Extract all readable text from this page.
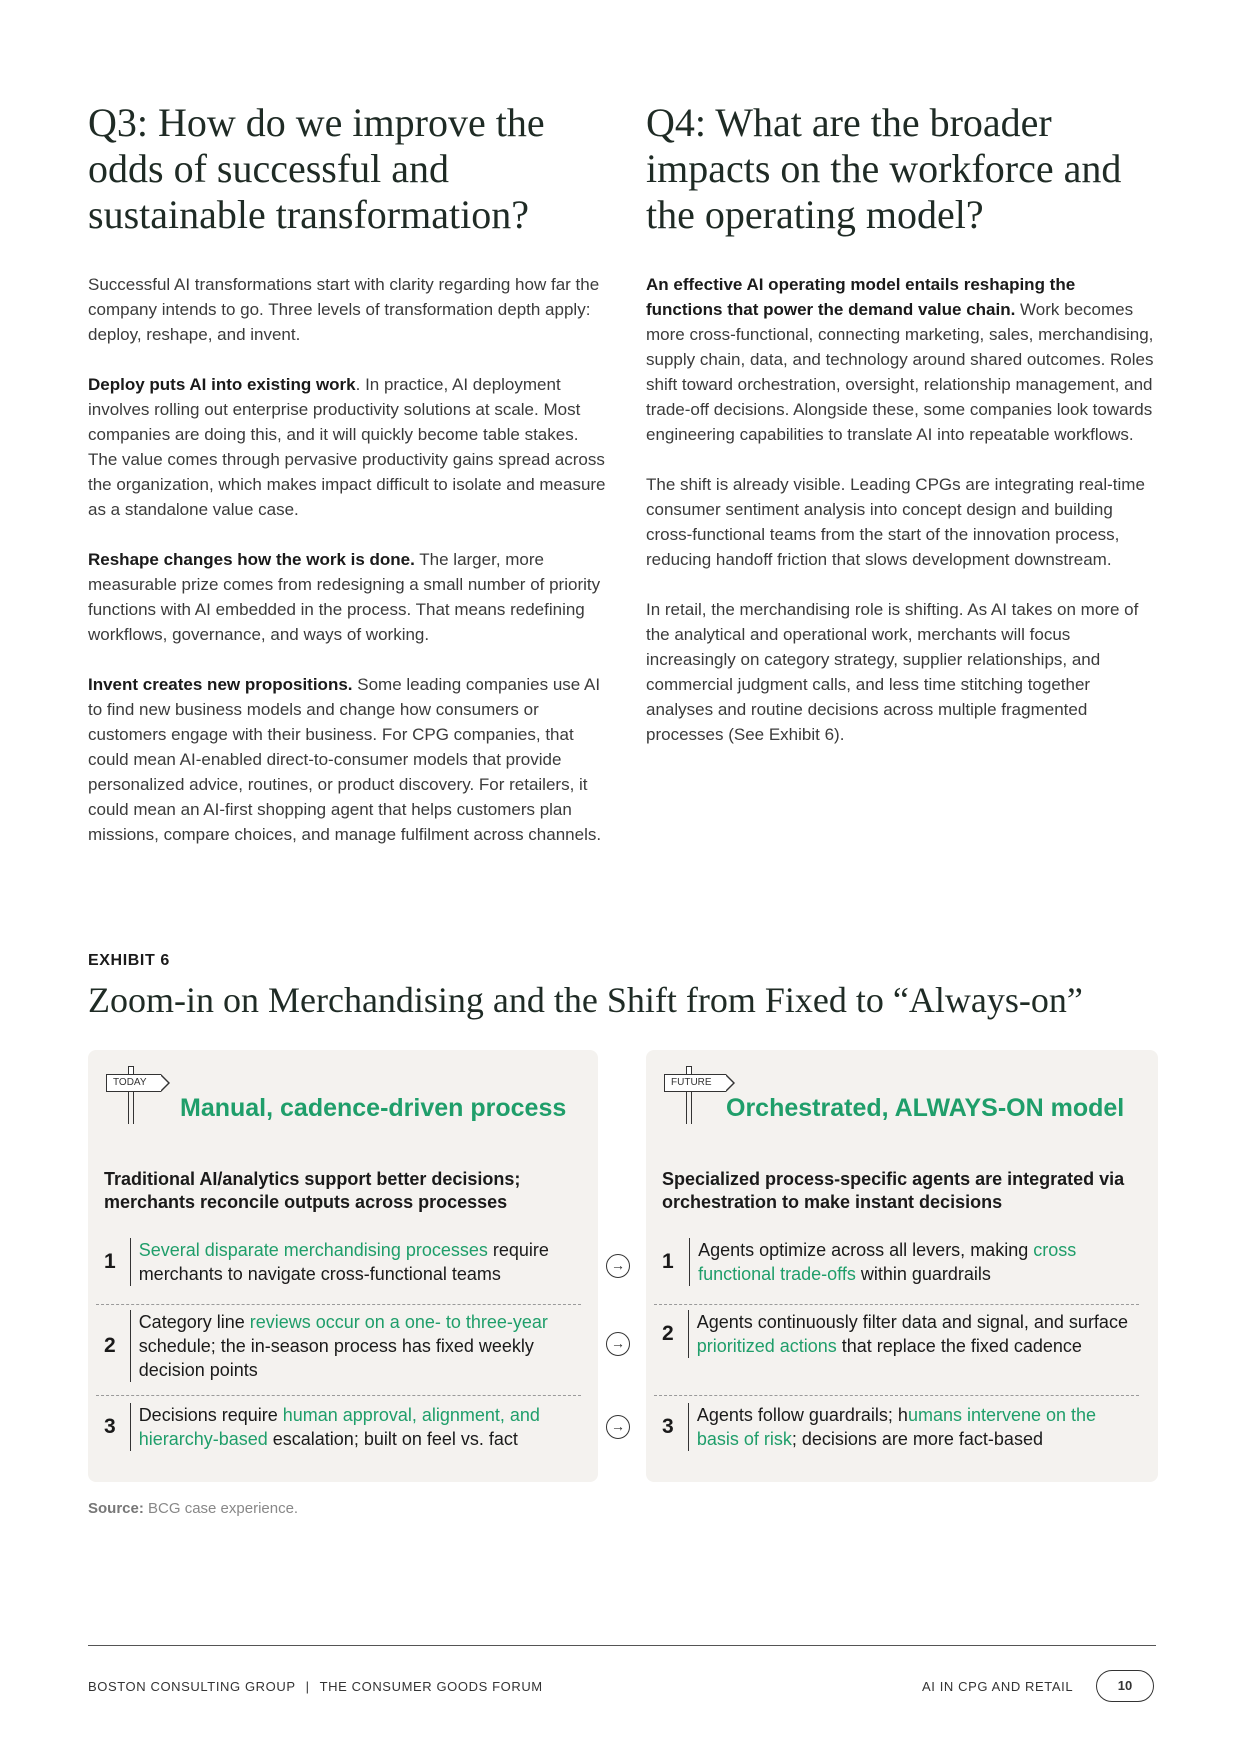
Q3: How do we improve the odds of successful and sustainable transformation?

Successful AI transformations start with clarity regarding how far the company intends to go. Three levels of transformation depth apply: deploy, reshape, and invent.

Deploy puts AI into existing work. In practice, AI deployment involves rolling out enterprise productivity solutions at scale. Most companies are doing this, and it will quickly become table stakes. The value comes through pervasive productivity gains spread across the organization, which makes impact difficult to isolate and measure as a standalone value case.

Reshape changes how the work is done. The larger, more measurable prize comes from redesigning a small number of priority functions with AI embedded in the process. That means redefining workflows, governance, and ways of working.

Invent creates new propositions. Some leading companies use AI to find new business models and change how consumers or customers engage with their business. For CPG companies, that could mean AI-enabled direct-to-consumer models that provide personalized advice, routines, or product discovery. For retailers, it could mean an AI-first shopping agent that helps customers plan missions, compare choices, and manage fulfilment across channels.

Q4: What are the broader impacts on the workforce and the operating model?

An effective AI operating model entails reshaping the functions that power the demand value chain. Work becomes more cross-functional, connecting marketing, sales, merchandising, supply chain, data, and technology around shared outcomes. Roles shift toward orchestration, oversight, relationship management, and trade-off decisions. Alongside these, some companies look towards engineering capabilities to translate AI into repeatable workflows.

The shift is already visible. Leading CPGs are integrating real-time consumer sentiment analysis into concept design and building cross-functional teams from the start of the innovation process, reducing handoff friction that slows development downstream.

In retail, the merchandising role is shifting. As AI takes on more of the analytical and operational work, merchants will focus increasingly on category strategy, supplier relationships, and commercial judgment calls, and less time stitching together analyses and routine decisions across multiple fragmented processes (See Exhibit 6).

EXHIBIT 6
Zoom-in on Merchandising and the Shift from Fixed to “Always-on”
TODAY
Manual, cadence-driven process
Traditional AI/analytics support better decisions; merchants reconcile outputs across processes
1	Several disparate merchandising processes require merchants to navigate cross-functional teams
2
Category line reviews occur on a one- to three-year schedule; the in-season process has fixed weekly decision points
3	Decisions require human approval, alignment, and hierarchy-based escalation; built on feel vs. fact
→
→
→
FUTURE
Orchestrated, ALWAYS-ON model
Specialized process-specific agents are integrated via orchestration to make instant decisions
1	Agents optimize across all levers, making cross functional trade-offs within guardrails
2	Agents continuously filter data and signal, and surface prioritized actions that replace the fixed cadence
3	Agents follow guardrails; humans intervene on the basis of risk; decisions are more fact-based
Source: BCG case experience.
BOSTON CONSULTING GROUP | THE CONSUMER GOODS FORUM	AI IN CPG AND RETAIL	10
